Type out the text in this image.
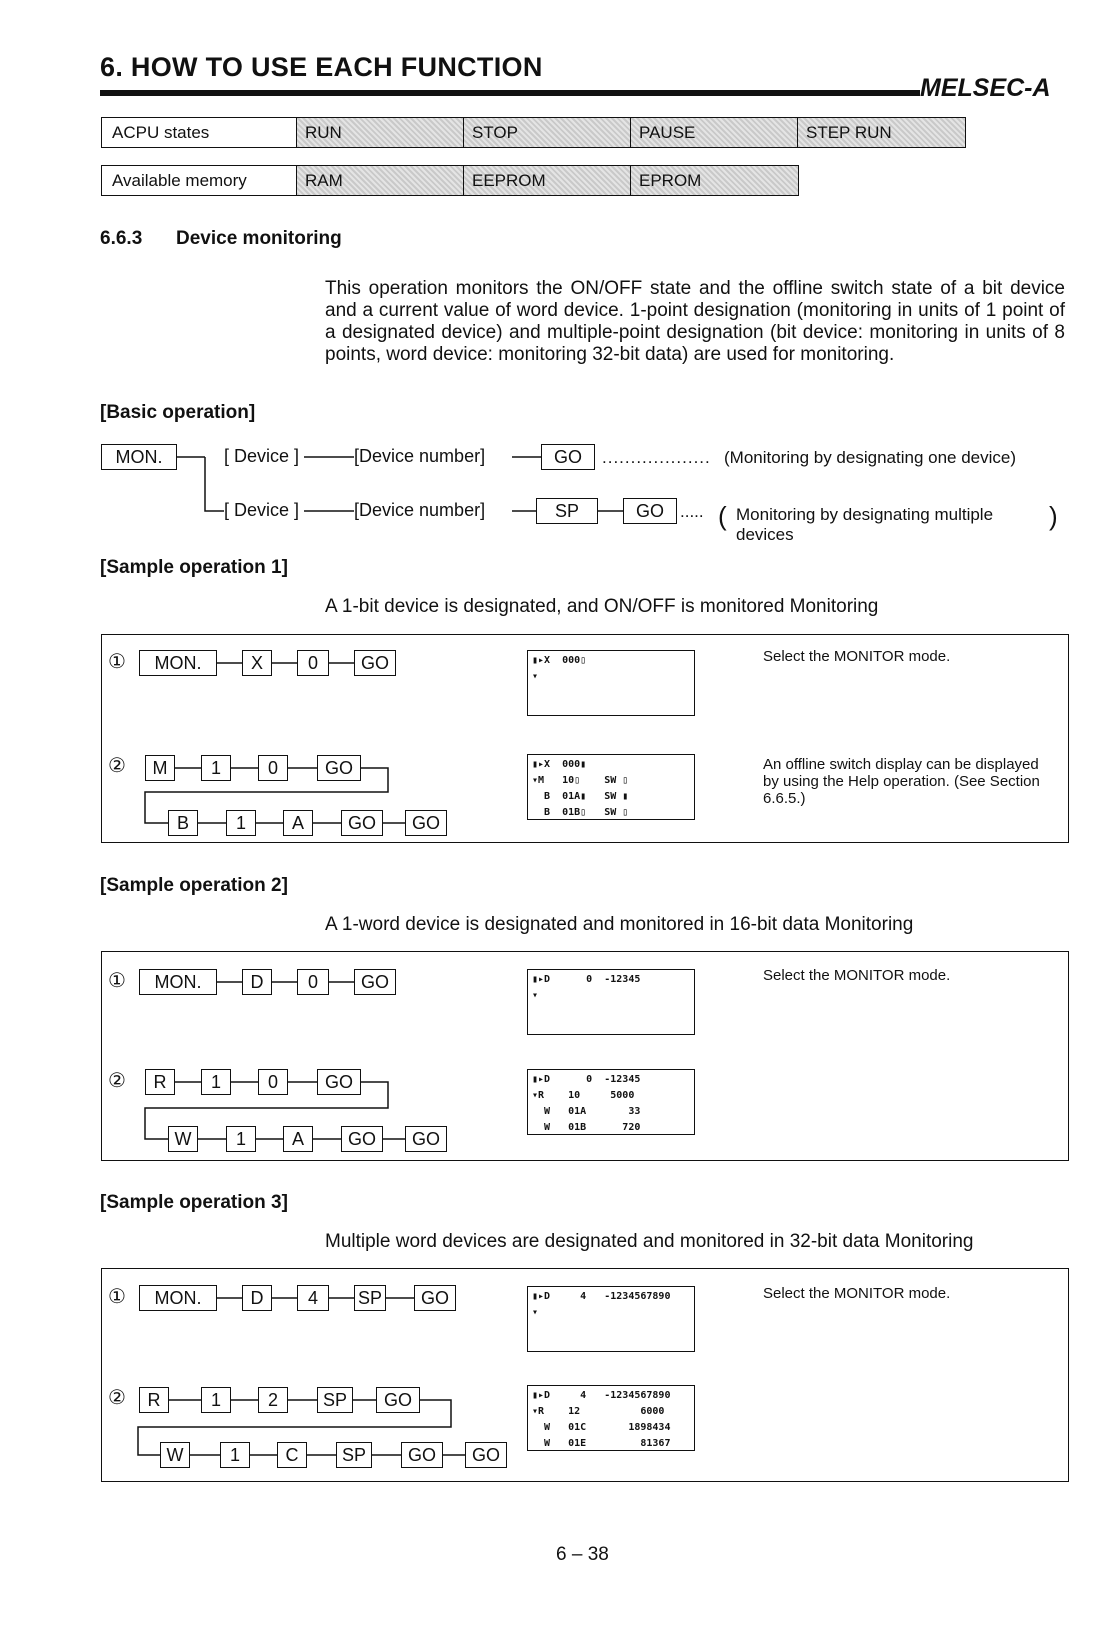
6. HOW TO USE EACH FUNCTION
MELSEC-A
ACPU states	RUN	STOP	PAUSE	STEP RUN
Available memory	RAM	EEPROM	EPROM
6.6.3 Device monitoring
This operation monitors the ON/OFF state and the offline switch state of a bit device and a current value of word device. 1-point designation (monitoring in units of 1 point of a designated device) and multiple-point designation (bit device: monitoring in units of 8 points, word device: monitoring 32-bit data) are used for monitoring.
[Basic operation]
MON.	[ Device ]	[Device number]	GO	................... (Monitoring by designating one device)
[ Device ]	[Device number]	SP	GO ..... ( Monitoring by designating multiple
devices
)
[Sample operation 1]
A 1-bit device is designated, and ON/OFF is monitored Monitoring
①	MON.	X	0	GO	▮▸X  000▯
▾
Select the MONITOR mode.
②	M	1	0	GO
B	1	A	GO	GO
▮▸X  000▮
▾M   10▯    SW ▯
B  01A▮   SW ▮
B  01B▯   SW ▯
An offline switch display can be displayed by using the Help operation. (See Section 6.6.5.)
[Sample operation 2]
A 1-word device is designated and monitored in 16-bit data Monitoring
①	MON.	D	0	GO	▮▸D      0  -12345
▾
Select the MONITOR mode.
②	R	1	0	GO
W	1	A	GO	GO
▮▸D      0  -12345
▾R    10     5000
W   01A       33
W   01B      720
[Sample operation 3]
Multiple word devices are designated and monitored in 32-bit data Monitoring
①	MON.	D	4	SP	GO	▮▸D     4   -1234567890
▾
Select the MONITOR mode.
②	R	1	2	SP	GO
W	1	C	SP	GO	GO
▮▸D     4   -1234567890
▾R    12          6000
W   01C       1898434
W   01E         81367
6 – 38
